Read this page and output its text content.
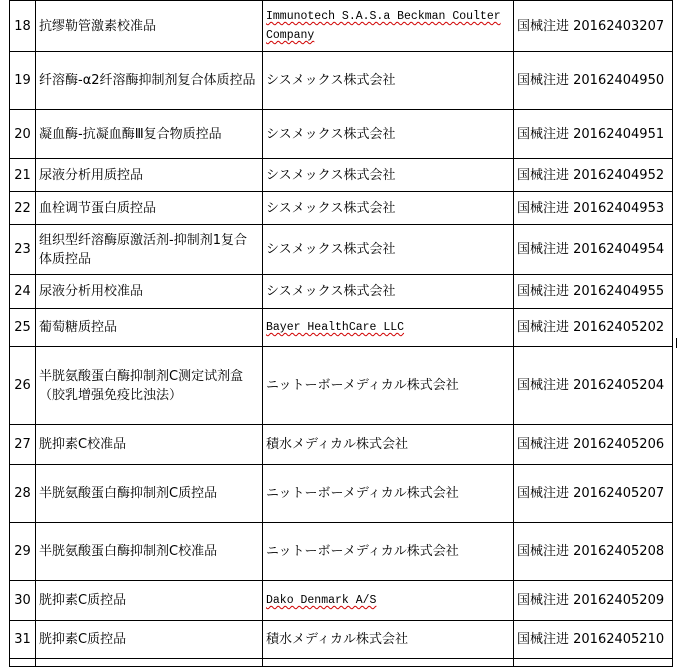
18	抗缪勒管激素校准品	Immunotech S.A.S.a Beckman Coulter Company	国械注进 20162403207
19	纤溶酶-α2纤溶酶抑制剂复合体质控品	シスメックス株式会社	国械注进 20162404950
20	凝血酶-抗凝血酶Ⅲ复合物质控品	シスメックス株式会社	国械注进 20162404951
21	尿液分析用质控品	シスメックス株式会社	国械注进 20162404952
22	血栓调节蛋白质控品	シスメックス株式会社	国械注进 20162404953
23	组织型纤溶酶原激活剂-抑制剂1复合体质控品	シスメックス株式会社	国械注进 20162404954
24	尿液分析用校准品	シスメックス株式会社	国械注进 20162404955
25	葡萄糖质控品	Bayer HealthCare LLC	国械注进 20162405202
26	半胱氨酸蛋白酶抑制剂C测定试剂盒（胶乳增强免疫比浊法）	ニットーボーメディカル株式会社	国械注进 20162405204
27	胱抑素C校准品	積水メディカル株式会社	国械注进 20162405206
28	半胱氨酸蛋白酶抑制剂C质控品	ニットーボーメディカル株式会社	国械注进 20162405207
29	半胱氨酸蛋白酶抑制剂C校准品	ニットーボーメディカル株式会社	国械注进 20162405208
30	胱抑素C质控品	Dako Denmark A/S	国械注进 20162405209
31	胱抑素C质控品	積水メディカル株式会社	国械注进 20162405210
